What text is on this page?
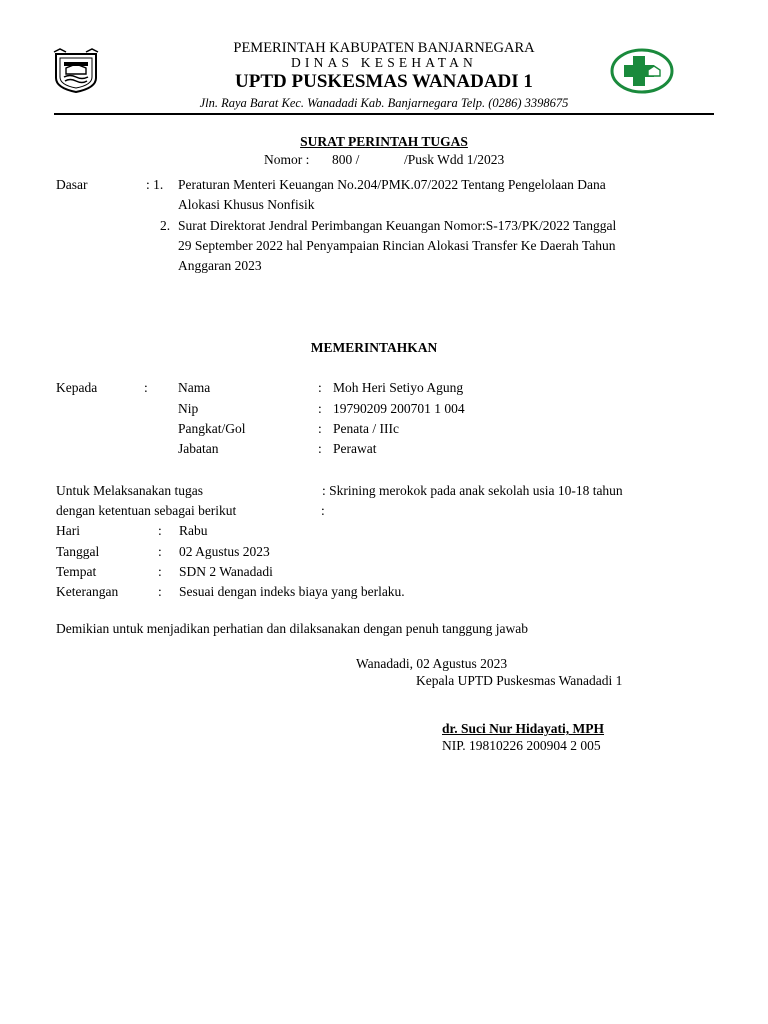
PEMERINTAH KABUPATEN BANJARNEGARA
DINAS KESEHATAN
UPTD PUSKESMAS WANADADI 1
Jln. Raya Barat Kec. Wanadadi Kab. Banjarnegara Telp. (0286) 3398675
SURAT PERINTAH TUGAS
Nomor : 800 /	/Pusk Wdd 1/2023
Dasar	: 1. Peraturan Menteri Keuangan No.204/PMK.07/2022 Tentang Pengelolaan Dana
Alokasi Khusus Nonfisik
2. Surat Direktorat Jendral Perimbangan Keuangan Nomor:S-173/PK/2022 Tanggal
29 September 2022 hal Penyampaian Rincian Alokasi Transfer Ke Daerah Tahun
Anggaran 2023
MEMERINTAHKAN
Kepada	: Nama	: Moh Heri Setiyo Agung
Nip	: 19790209 200701 1 004
Pangkat/Gol	: Penata / IIIc
Jabatan	: Perawat
Untuk Melaksanakan tugas	: Skrining merokok pada anak sekolah usia 10-18 tahun
dengan ketentuan sebagai berikut	:
Hari	: Rabu
Tanggal	: 02 Agustus 2023
Tempat	: SDN 2 Wanadadi
Keterangan	: Sesuai dengan indeks biaya yang berlaku.
Demikian untuk menjadikan perhatian dan dilaksanakan dengan penuh tanggung jawab
Wanadadi, 02 Agustus 2023
Kepala UPTD Puskesmas Wanadadi 1
dr. Suci Nur Hidayati, MPH
NIP. 19810226 200904 2 005
